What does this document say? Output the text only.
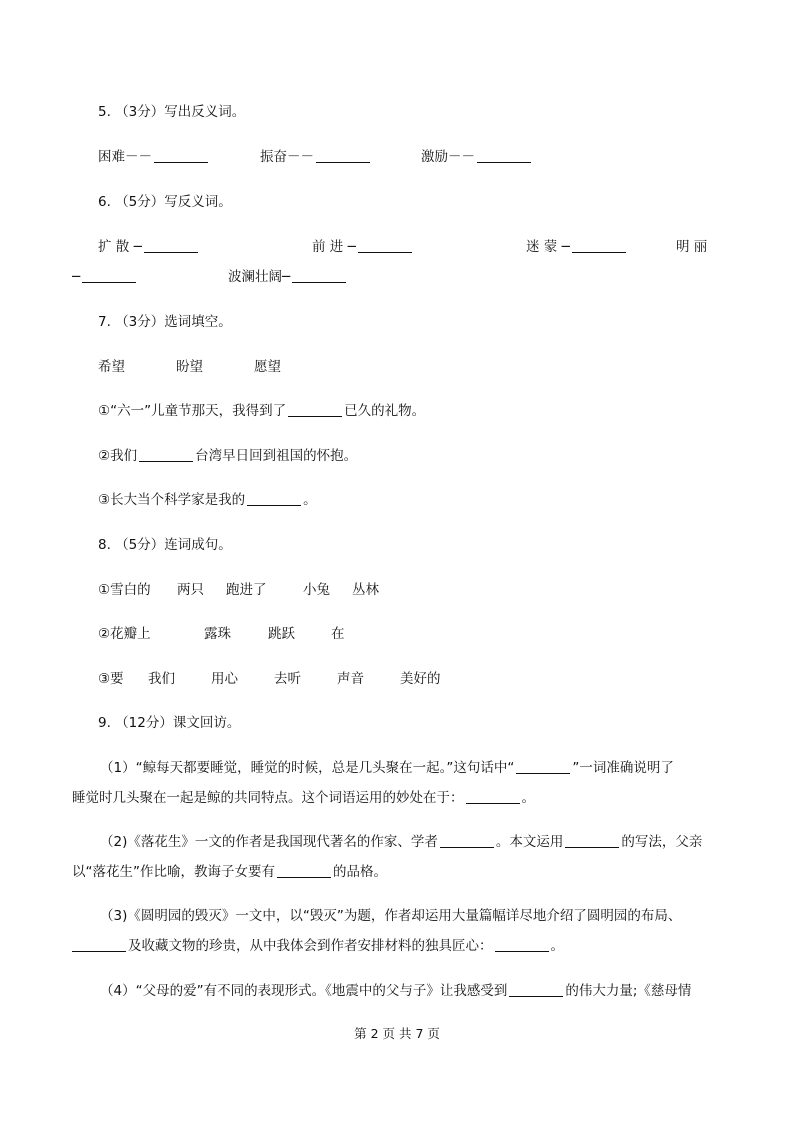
5. （3分）写出反义词。
困难－－	振奋－－	激励－－
6. （5分）写反义词。
扩 散 ─	前 进 ─	迷 蒙 ─	明 丽
─	波澜壮阔─
7. （3分）选词填空。
希望	盼望	愿望
①“六一”儿童节那天，我得到了	已久的礼物。
②我们	台湾早日回到祖国的怀抱。
③长大当个科学家是我的	。
8. （5分）连词成句。
①雪白的 两只 跑进了	小兔 丛林
②花瓣上	露珠	跳跃	在
③要 我们	用心	去听	声音	美好的
9. （12分）课文回访。
（1）“鲸每天都要睡觉，睡觉的时候，总是几头聚在一起。”这句话中“	”一词准确说明了
睡觉时几头聚在一起是鲸的共同特点。这个词语运用的妙处在于：	。
（2)《落花生》一文的作者是我国现代著名的作家、学者	。本文运用	的写法，父亲
以“落花生”作比喻，教诲子女要有	的品格。
（3)《圆明园的毁灭》一文中，以“毁灭”为题，作者却运用大量篇幅详尽地介绍了圆明园的布局、
及收藏文物的珍贵，从中我体会到作者安排材料的独具匠心：	。
（4）“父母的爱”有不同的表现形式。《地震中的父与子》让我感受到	的伟大力量;《慈母情
第 2 页 共 7 页
